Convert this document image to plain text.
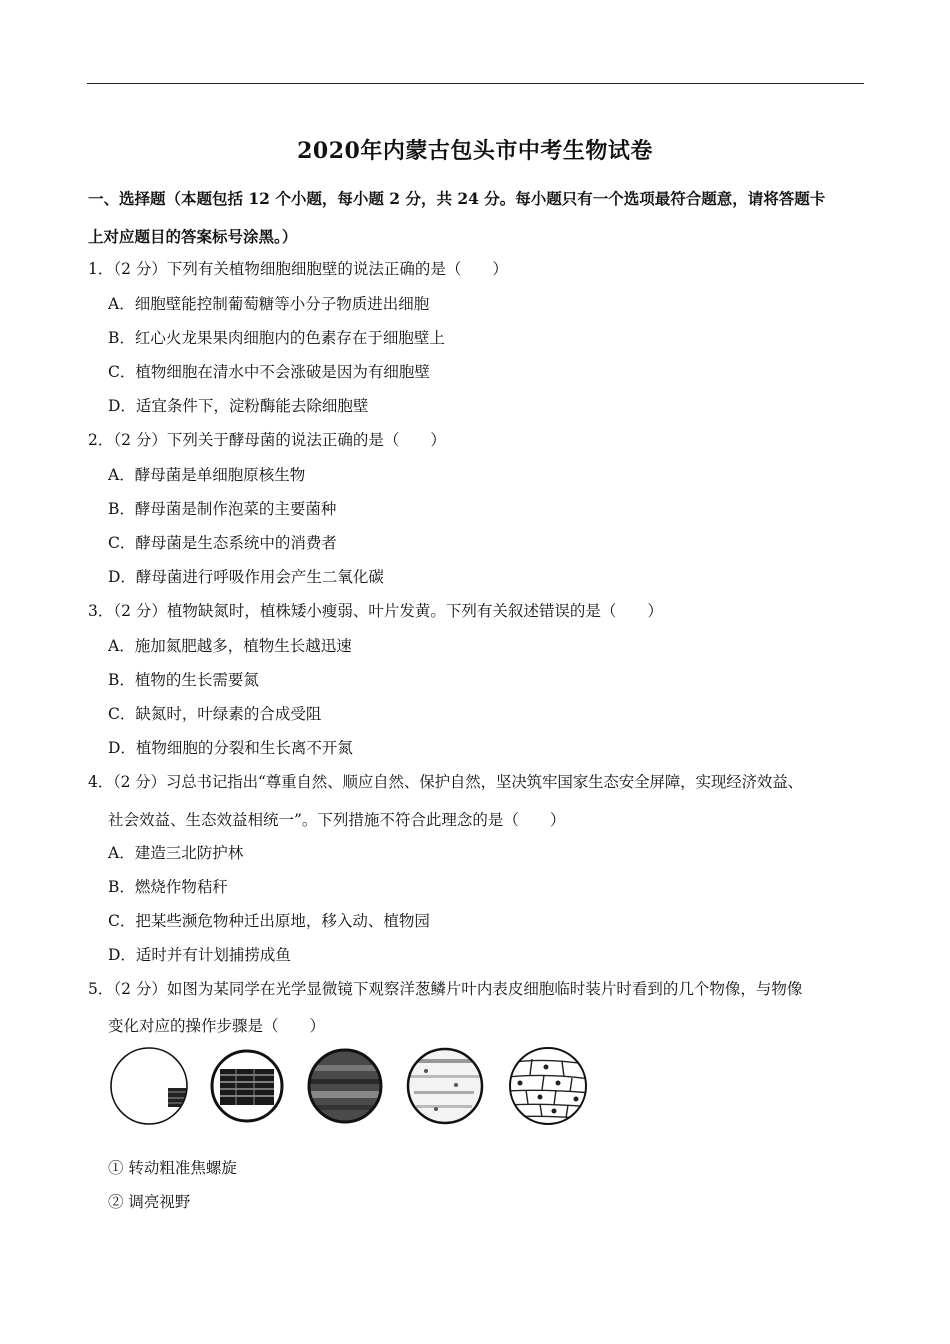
2020年内蒙古包头市中考生物试卷
一、选择题（本题包括 12 个小题，每小题 2 分，共 24 分。每小题只有一个选项最符合题意，请将答题卡
上对应题目的答案标号涂黑。）
1．（2 分）下列有关植物细胞细胞壁的说法正确的是（　　）
A．细胞壁能控制葡萄糖等小分子物质进出细胞
B．红心火龙果果肉细胞内的色素存在于细胞壁上
C．植物细胞在清水中不会涨破是因为有细胞壁
D．适宜条件下，淀粉酶能去除细胞壁
2．（2 分）下列关于酵母菌的说法正确的是（　　）
A．酵母菌是单细胞原核生物
B．酵母菌是制作泡菜的主要菌种
C．酵母菌是生态系统中的消费者
D．酵母菌进行呼吸作用会产生二氧化碳
3．（2 分）植物缺氮时，植株矮小瘦弱、叶片发黄。下列有关叙述错误的是（　　）
A．施加氮肥越多，植物生长越迅速
B．植物的生长需要氮
C．缺氮时，叶绿素的合成受阻
D．植物细胞的分裂和生长离不开氮
4．（2 分）习总书记指出“尊重自然、顺应自然、保护自然，坚决筑牢国家生态安全屏障，实现经济效益、
社会效益、生态效益相统一”。下列措施不符合此理念的是（　　）
A．建造三北防护林
B．燃烧作物秸秆
C．把某些濒危物种迁出原地，移入动、植物园
D．适时并有计划捕捞成鱼
5．（2 分）如图为某同学在光学显微镜下观察洋葱鳞片叶内表皮细胞临时装片时看到的几个物像，与物像
变化对应的操作步骤是（　　）
① 转动粗准焦螺旋
② 调亮视野
